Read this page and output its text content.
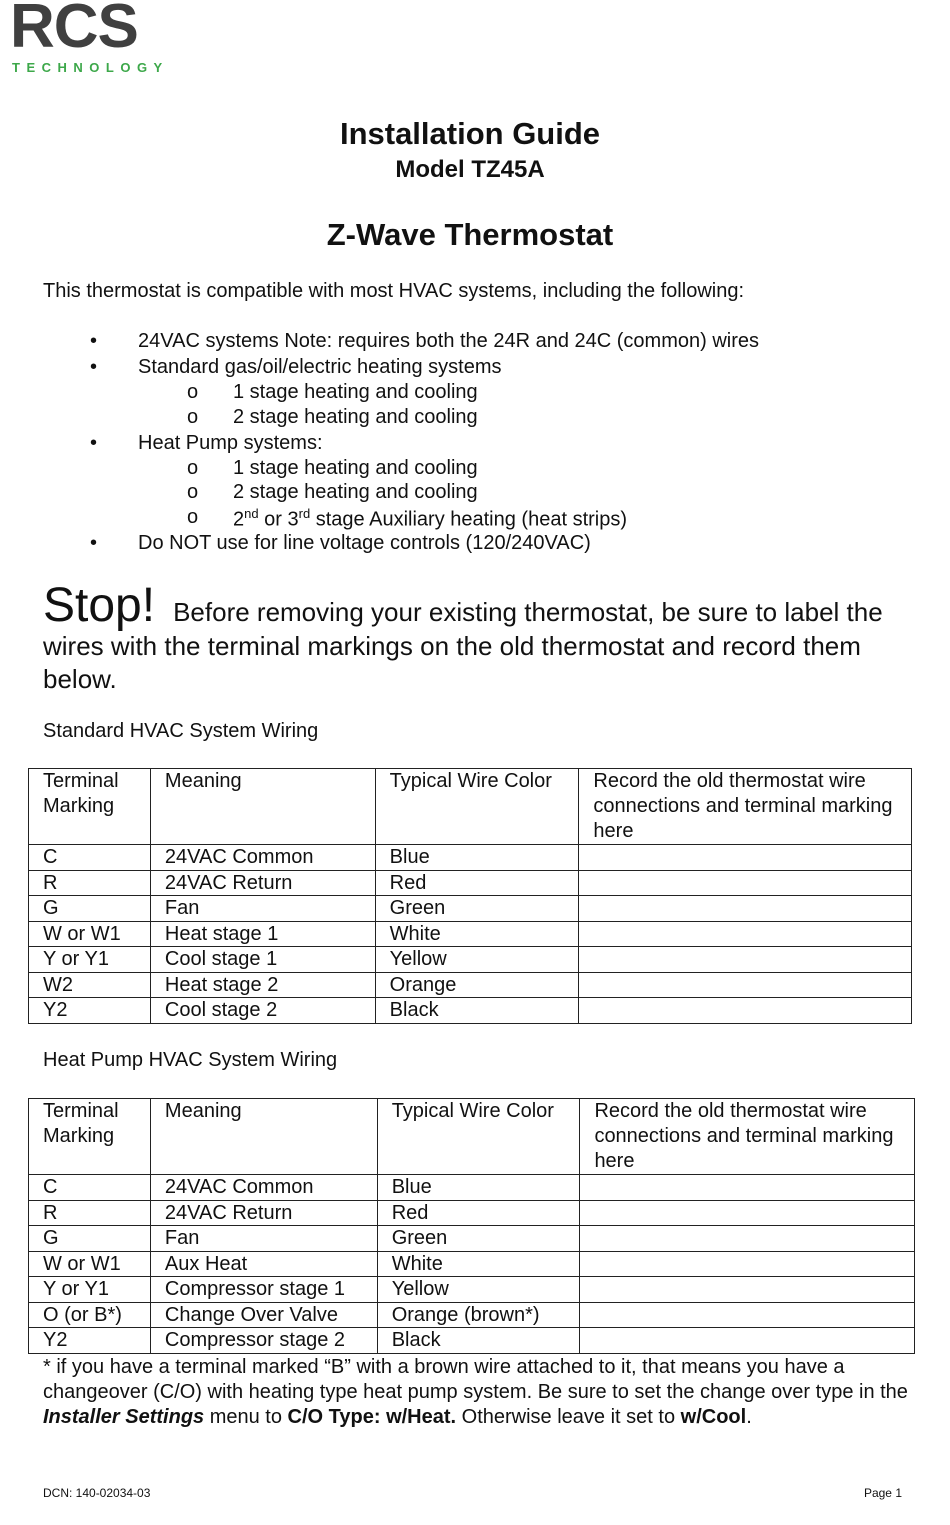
RCS
TECHNOLOGY
Installation Guide
Model TZ45A
Z-Wave Thermostat
This thermostat is compatible with most HVAC systems, including the following:
• 24VAC systems Note: requires both the 24R and 24C (common) wires
• Standard gas/oil/electric heating systems
o 1 stage heating and cooling
o 2 stage heating and cooling
• Heat Pump systems:
o 1 stage heating and cooling
o 2 stage heating and cooling
o 2nd or 3rd stage Auxiliary heating (heat strips)
• Do NOT use for line voltage controls (120/240VAC)
Stop! Before removing your existing thermostat, be sure to label the wires with the terminal markings on the old thermostat and record them below.
Standard HVAC System Wiring
Terminal Marking	Meaning	Typical Wire Color	Record the old thermostat wire connections and terminal marking here
C	24VAC Common	Blue	
R	24VAC Return	Red	
G	Fan	Green	
W or W1	Heat stage 1	White	
Y or Y1	Cool stage 1	Yellow	
W2	Heat stage 2	Orange	
Y2	Cool stage 2	Black	
Heat Pump HVAC System Wiring
Terminal Marking	Meaning	Typical Wire Color	Record the old thermostat wire connections and terminal marking here
C	24VAC Common	Blue	
R	24VAC Return	Red	
G	Fan	Green	
W or W1	Aux Heat	White	
Y or Y1	Compressor stage 1	Yellow	
O (or B*)	Change Over Valve	Orange (brown*)	
Y2	Compressor stage 2	Black	
* if you have a terminal marked “B” with a brown wire attached to it, that means you have a changeover (C/O) with heating type heat pump system. Be sure to set the change over type in the Installer Settings menu to C/O Type: w/Heat. Otherwise leave it set to w/Cool.
DCN: 140-02034-03	Page 1
